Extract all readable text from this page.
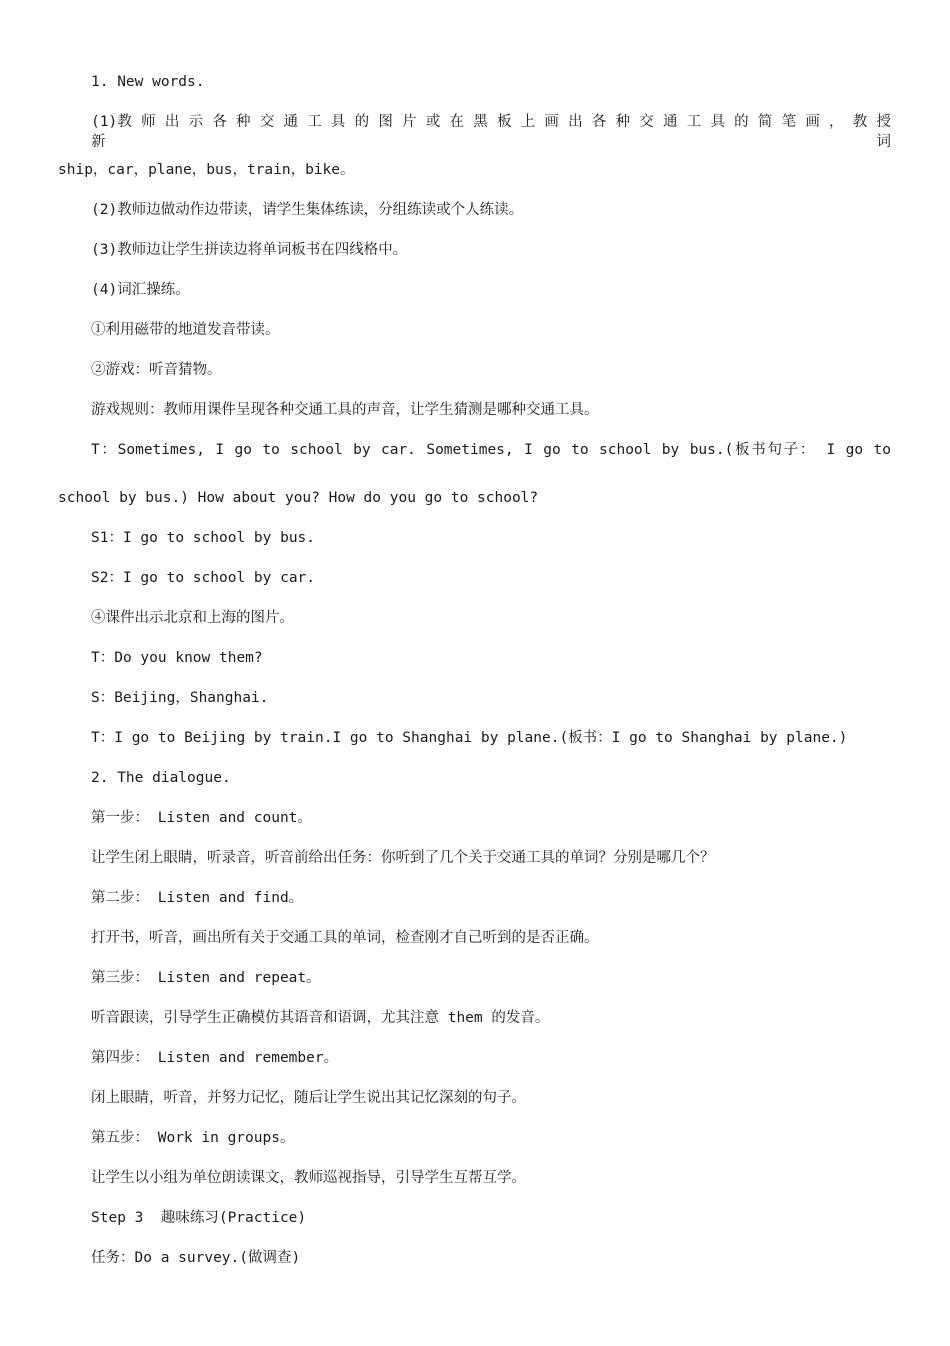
1. New words.
(1)教 师 出 示 各 种 交 通 工 具 的 图 片 或 在 黑 板 上 画 出 各 种 交 通 工 具 的 简 笔 画 ， 教 授 新 词
ship，car，plane，bus，train，bike。
(2)教师边做动作边带读，请学生集体练读，分组练读或个人练读。
(3)教师边让学生拼读边将单词板书在四线格中。
(4)词汇操练。
①利用磁带的地道发音带读。
②游戏：听音猜物。
游戏规则：教师用课件呈现各种交通工具的声音，让学生猜测是哪种交通工具。
T：Sometimes, I go to school by car. Sometimes, I go to school by bus.(板书句子： I go to
school by bus.) How about you? How do you go to school?
S1：I go to school by bus.
S2：I go to school by car.
④课件出示北京和上海的图片。
T：Do you know them?
S：Beijing，Shanghai.
T：I go to Beijing by train.I go to Shanghai by plane.(板书：I go to Shanghai by plane.)
2. The dialogue.
第一步： Listen and count。
让学生闭上眼睛，听录音，听音前给出任务：你听到了几个关于交通工具的单词？分别是哪几个？
第二步： Listen and find。
打开书，听音，画出所有关于交通工具的单词，检查刚才自己听到的是否正确。
第三步： Listen and repeat。
听音跟读，引导学生正确模仿其语音和语调，尤其注意 them 的发音。
第四步： Listen and remember。
闭上眼睛，听音，并努力记忆，随后让学生说出其记忆深刻的句子。
第五步： Work in groups。
让学生以小组为单位朗读课文，教师巡视指导，引导学生互帮互学。
Step 3  趣味练习(Practice)
任务：Do a survey.(做调查)
